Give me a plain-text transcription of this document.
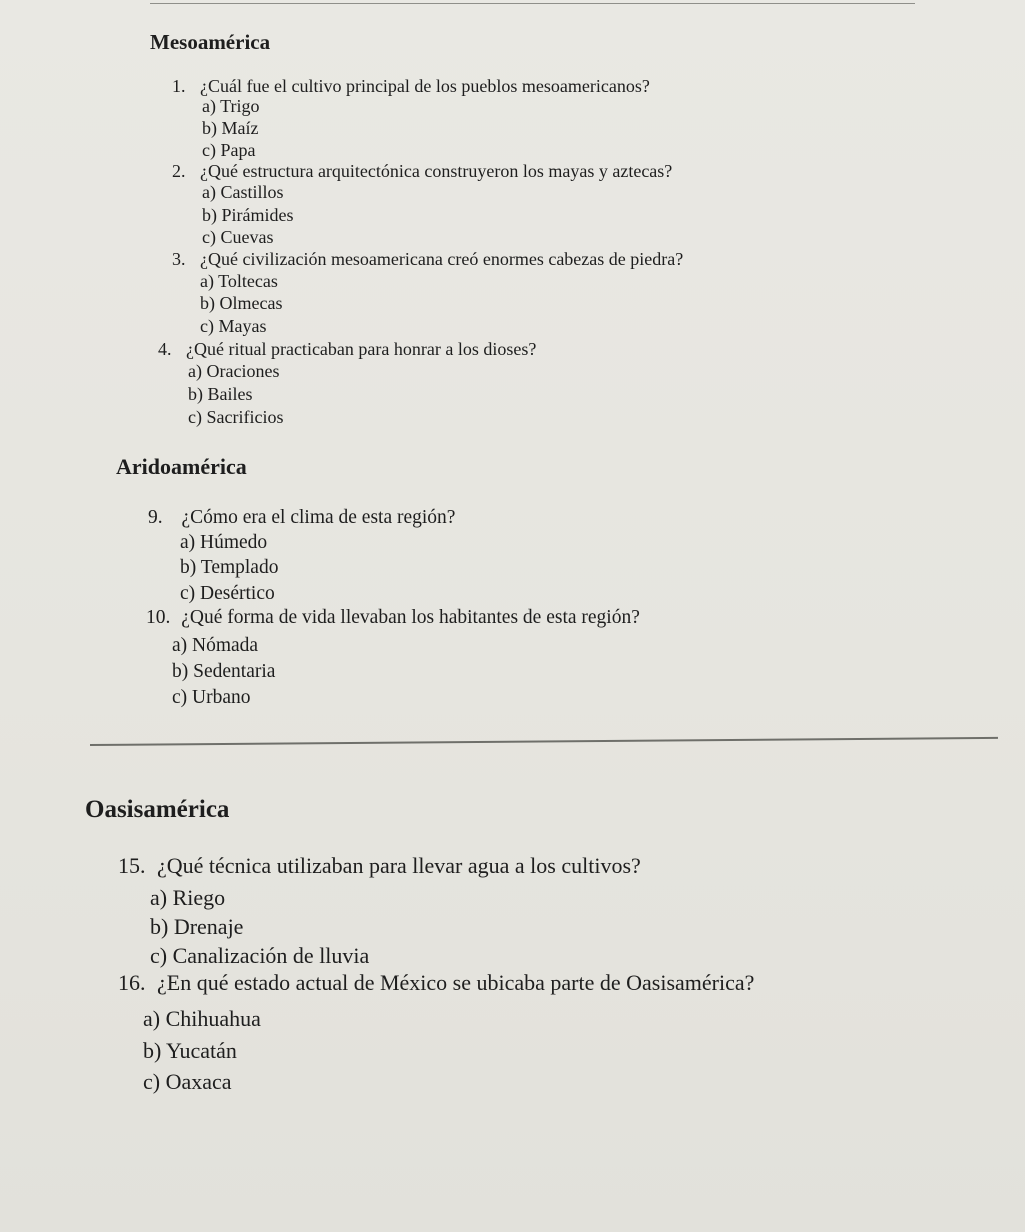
Mesoamérica
1. ¿Cuál fue el cultivo principal de los pueblos mesoamericanos?
a) Trigo
b) Maíz
c) Papa
2. ¿Qué estructura arquitectónica construyeron los mayas y aztecas?
a) Castillos
b) Pirámides
c) Cuevas
3. ¿Qué civilización mesoamericana creó enormes cabezas de piedra?
a) Toltecas
b) Olmecas
c) Mayas
4. ¿Qué ritual practicaban para honrar a los dioses?
a) Oraciones
b) Bailes
c) Sacrificios
Aridoamérica
9. ¿Cómo era el clima de esta región?
a) Húmedo
b) Templado
c) Desértico
10. ¿Qué forma de vida llevaban los habitantes de esta región?
a) Nómada
b) Sedentaria
c) Urbano
Oasisamérica
15. ¿Qué técnica utilizaban para llevar agua a los cultivos?
a) Riego
b) Drenaje
c) Canalización de lluvia
16. ¿En qué estado actual de México se ubicaba parte de Oasisamérica?
a) Chihuahua
b) Yucatán
c) Oaxaca
